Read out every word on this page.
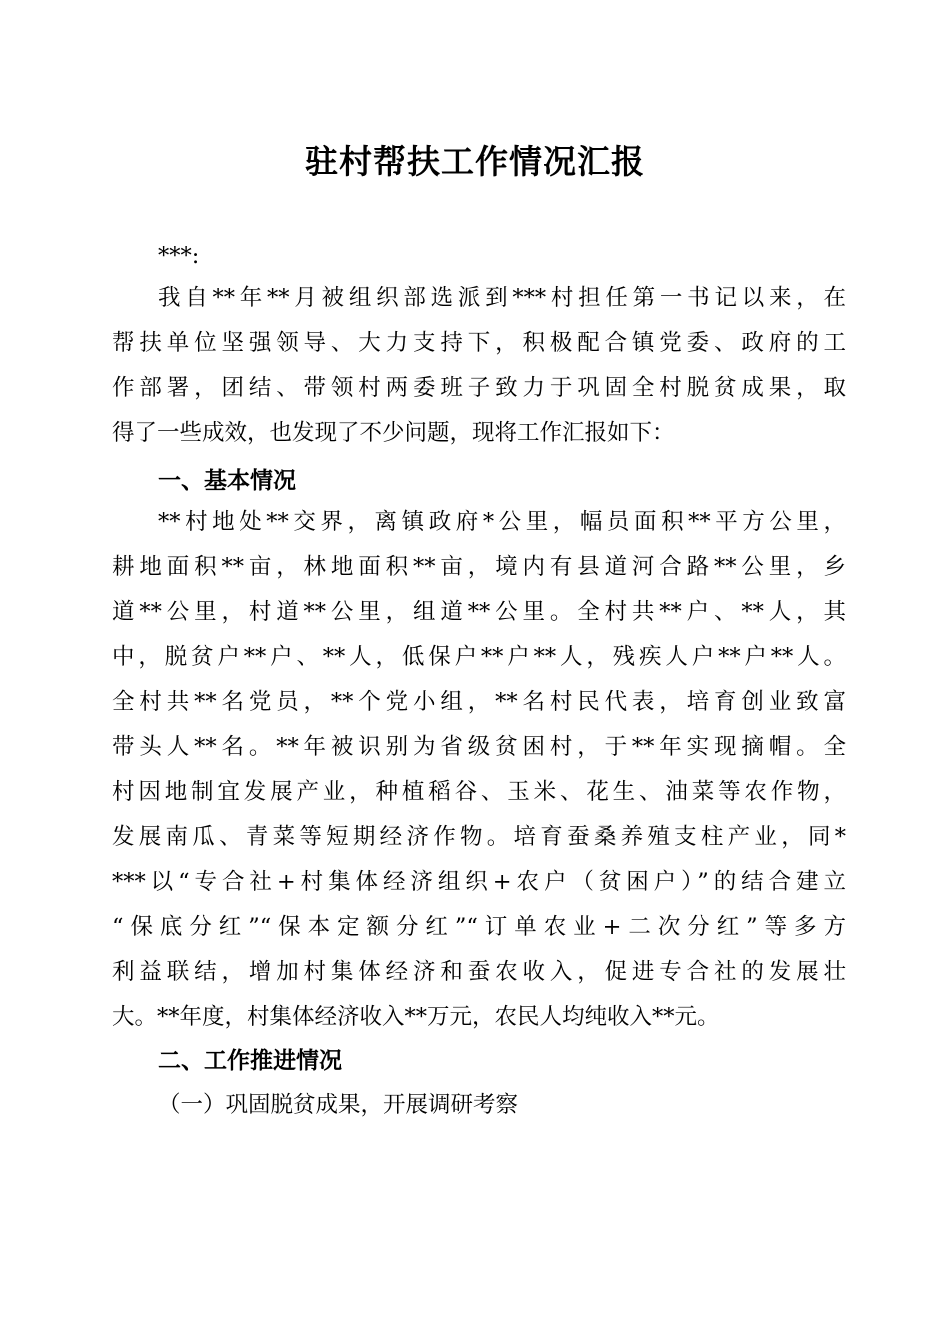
驻村帮扶工作情况汇报
***:
我自**年**月被组织部选派到***村担任第一书记以来，在
帮扶单位坚强领导、大力支持下，积极配合镇党委、政府的工
作部署，团结、带领村两委班子致力于巩固全村脱贫成果，取
得了一些成效，也发现了不少问题，现将工作汇报如下：
一、基本情况
**村地处**交界，离镇政府*公里，幅员面积**平方公里，
耕地面积**亩，林地面积**亩，境内有县道河合路**公里，乡
道**公里，村道**公里，组道**公里。全村共**户、**人，其
中，脱贫户**户、**人，低保户**户**人，残疾人户**户**人。
全村共**名党员，**个党小组，**名村民代表，培育创业致富
带头人**名。**年被识别为省级贫困村，于**年实现摘帽。全
村因地制宜发展产业，种植稻谷、玉米、花生、油菜等农作物，
发展南瓜、青菜等短期经济作物。培育蚕桑养殖支柱产业，同*
***以“专合社+村集体经济组织+农户（贫困户）”的结合建立
“保底分红”“保本定额分红”“订单农业+二次分红”等多方
利益联结，增加村集体经济和蚕农收入，促进专合社的发展壮
大。**年度，村集体经济收入**万元，农民人均纯收入**元。
二、工作推进情况
（一）巩固脱贫成果，开展调研考察
